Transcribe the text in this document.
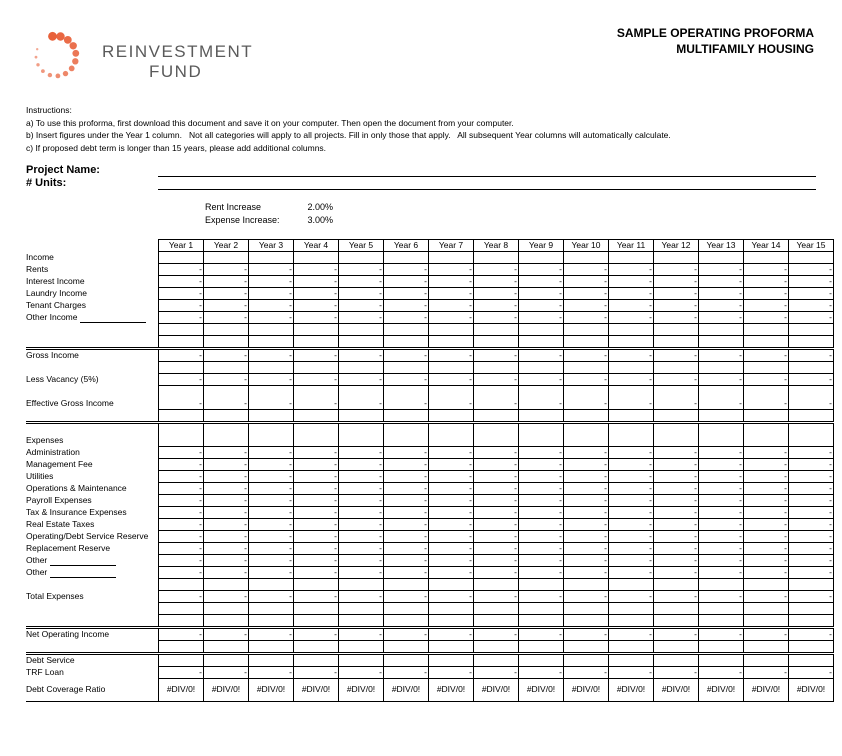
REINVESTMENT
FUND
SAMPLE OPERATING PROFORMA
MULTIFAMILY HOUSING
Instructions:
a) To use this proforma, first download this document and save it on your computer. Then open the document from your computer.
b) Insert figures under the Year 1 column.   Not all categories will apply to all projects. Fill in only those that apply.   All subsequent Year columns will automatically calculate.
c) If proposed debt term is longer than 15 years, please add additional columns.
Project Name:
# Units:
Rent Increase	2.00%
Expense Increase:	3.00%
	Year 1	Year 2	Year 3	Year 4	Year 5	Year 6	Year 7	Year 8	Year 9	Year 10	Year 11	Year 12	Year 13	Year 14	Year 15
Income															
Rents	-	-	-	-	-	-	-	-	-	-	-	-	-	-	-
Interest Income	-	-	-	-	-	-	-	-	-	-	-	-	-	-	-
Laundry Income	-	-	-	-	-	-	-	-	-	-	-	-	-	-	-
Tenant Charges	-	-	-	-	-	-	-	-	-	-	-	-	-	-	-
Other Income	-	-	-	-	-	-	-	-	-	-	-	-	-	-	-

Gross Income	-	-	-	-	-	-	-	-	-	-	-	-	-	-	-

Less Vacancy (5%)	-	-	-	-	-	-	-	-	-	-	-	-	-	-	-

Effective Gross Income	-	-	-	-	-	-	-	-	-	-	-	-	-	-	-

Expenses															
Administration	-	-	-	-	-	-	-	-	-	-	-	-	-	-	-
Management Fee	-	-	-	-	-	-	-	-	-	-	-	-	-	-	-
Utilities	-	-	-	-	-	-	-	-	-	-	-	-	-	-	-
Operations & Maintenance	-	-	-	-	-	-	-	-	-	-	-	-	-	-	-
Payroll Expenses	-	-	-	-	-	-	-	-	-	-	-	-	-	-	-
Tax & Insurance Expenses	-	-	-	-	-	-	-	-	-	-	-	-	-	-	-
Real Estate Taxes	-	-	-	-	-	-	-	-	-	-	-	-	-	-	-
Operating/Debt Service Reserve	-	-	-	-	-	-	-	-	-	-	-	-	-	-	-
Replacement Reserve	-	-	-	-	-	-	-	-	-	-	-	-	-	-	-
Other	-	-	-	-	-	-	-	-	-	-	-	-	-	-	-
Other	-	-	-	-	-	-	-	-	-	-	-	-	-	-	-

Total Expenses	-	-	-	-	-	-	-	-	-	-	-	-	-	-	-

Net Operating Income	-	-	-	-	-	-	-	-	-	-	-	-	-	-	-

Debt Service															
TRF Loan	-	-	-	-	-	-	-	-	-	-	-	-	-	-	-
Debt Coverage Ratio	#DIV/0!	#DIV/0!	#DIV/0!	#DIV/0!	#DIV/0!	#DIV/0!	#DIV/0!	#DIV/0!	#DIV/0!	#DIV/0!	#DIV/0!	#DIV/0!	#DIV/0!	#DIV/0!	#DIV/0!
